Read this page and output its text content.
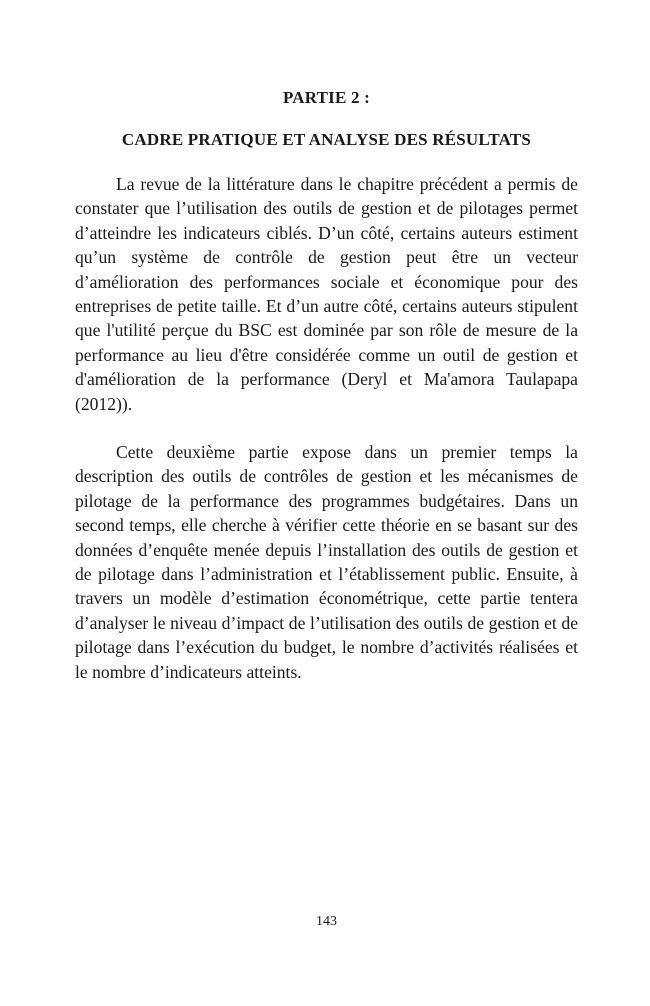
PARTIE 2 :
CADRE PRATIQUE ET ANALYSE DES RÉSULTATS

La revue de la littérature dans le chapitre précédent a permis de constater que l’utilisation des outils de gestion et de pilotages permet d’atteindre les indicateurs ciblés. D’un côté, certains auteurs estiment qu’un système de contrôle de gestion peut être un vecteur d’amélioration des performances sociale et économique pour des entreprises de petite taille. Et d’un autre côté, certains auteurs stipulent que l'utilité perçue du BSC est dominée par son rôle de mesure de la performance au lieu d'être considérée comme un outil de gestion et d'amélioration de la performance (Deryl et Ma'amora Taulapapa (2012)).

Cette deuxième partie expose dans un premier temps la description des outils de contrôles de gestion et les mécanismes de pilotage de la performance des programmes budgétaires. Dans un second temps, elle cherche à vérifier cette théorie en se basant sur des données d’enquête menée depuis l’installation des outils de gestion et de pilotage dans l’administration et l’établissement public. Ensuite, à travers un modèle d’estimation économétrique, cette partie tentera d’analyser le niveau d’impact de l’utilisation des outils de gestion et de pilotage dans l’exécution du budget, le nombre d’activités réalisées et le nombre d’indicateurs atteints.

143
